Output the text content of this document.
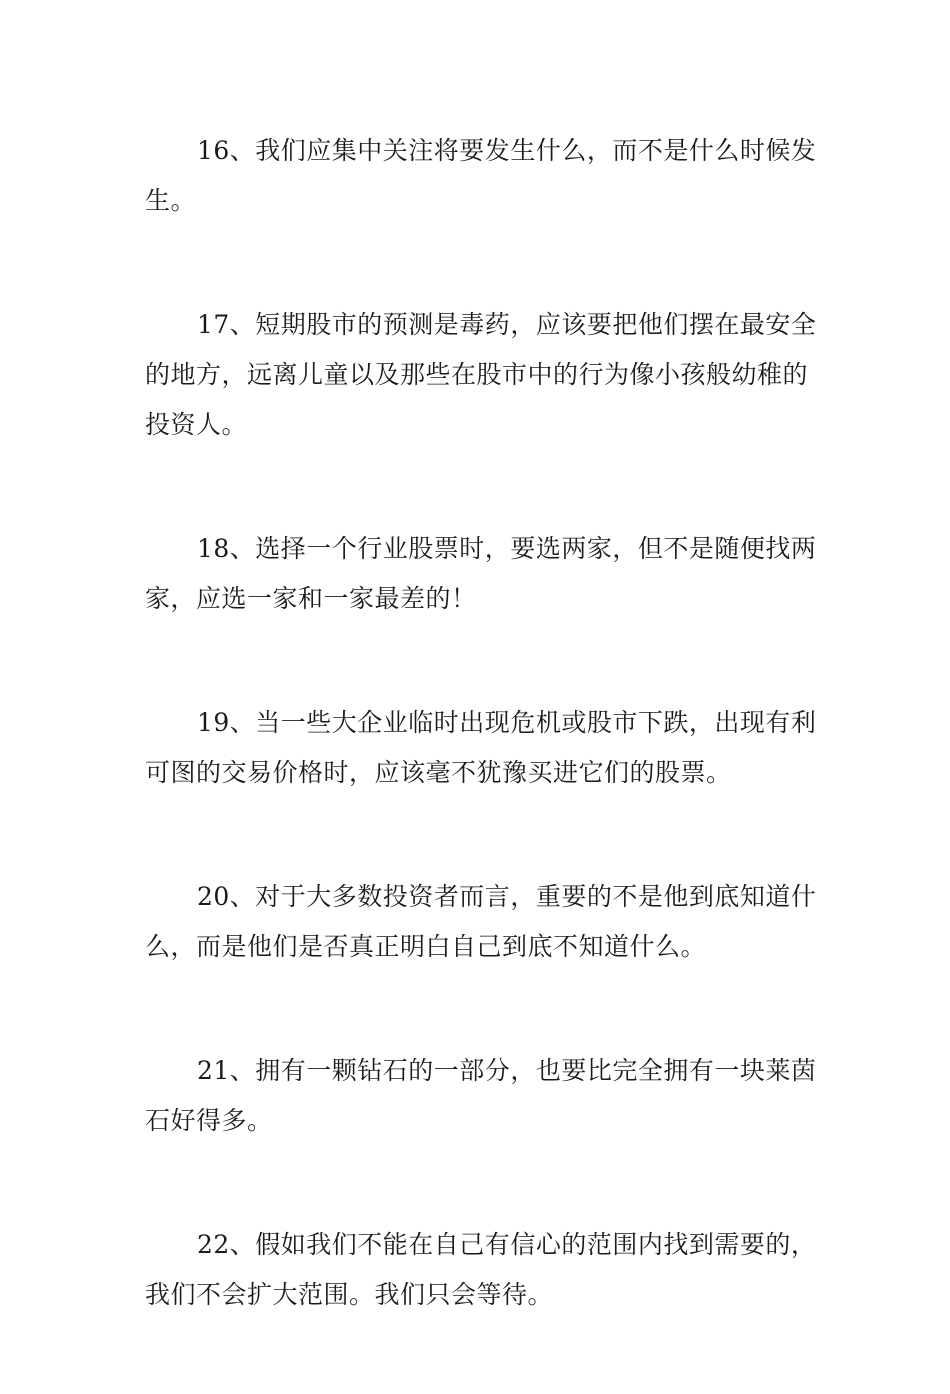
16、我们应集中关注将要发生什么，而不是什么时候发生。

17、短期股市的预测是毒药，应该要把他们摆在最安全的地方，远离儿童以及那些在股市中的行为像小孩般幼稚的投资人。

18、选择一个行业股票时，要选两家，但不是随便找两家，应选一家和一家最差的！

19、当一些大企业临时出现危机或股市下跌，出现有利可图的交易价格时，应该毫不犹豫买进它们的股票。

20、对于大多数投资者而言，重要的不是他到底知道什么，而是他们是否真正明白自己到底不知道什么。

21、拥有一颗钻石的一部分，也要比完全拥有一块莱茵石好得多。

22、假如我们不能在自己有信心的范围内找到需要的，我们不会扩大范围。我们只会等待。
